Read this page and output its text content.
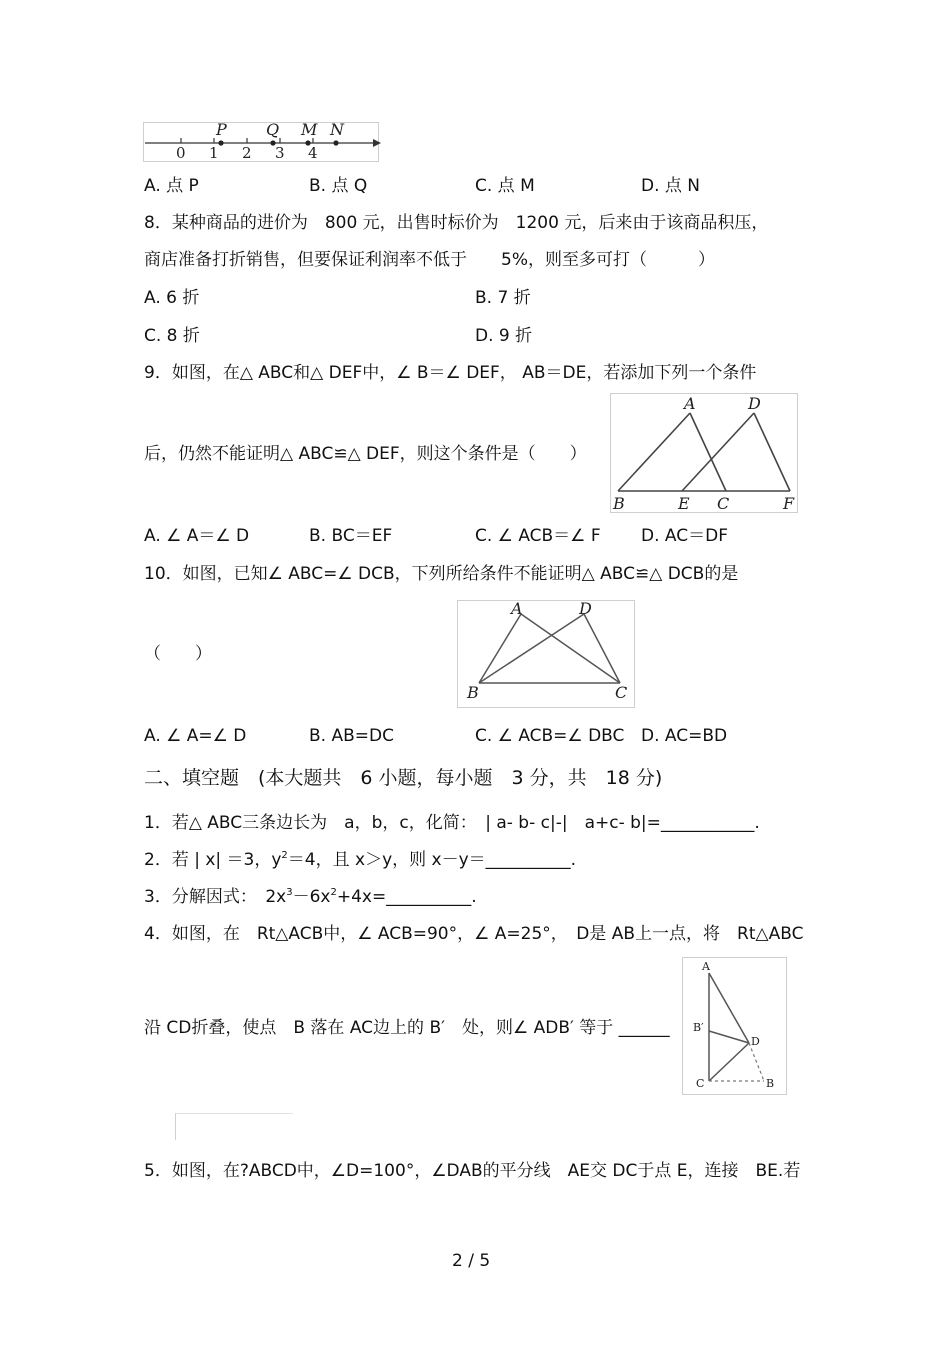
P Q M N
0 1 2 3 4
A. 点 P	B. 点 Q	C. 点 M	D. 点 N
8．某种商品的进价为　800 元，出售时标价为　1200 元，后来由于该商品积压，
商店准备打折销售，但要保证利润率不低于　　5%，则至多可打（　　　）
A. 6 折	B. 7 折
C. 8 折	D. 9 折
9．如图，在△ ABC和△ DEF中，∠ B＝∠ DEF， AB＝DE，若添加下列一个条件
后，仍然不能证明△ ABC≌△ DEF，则这个条件是（　　）
A	D
B	E C	F
A. ∠ A＝∠ D	B. BC＝EF	C. ∠ ACB＝∠ F D. AC＝DF
10．如图，已知∠ ABC=∠ DCB，下列所给条件不能证明△ ABC≌△ DCB的是
（　　）
A	D
B	C
A. ∠ A=∠ D	B. AB=DC	C. ∠ ACB=∠ DBC D. AC=BD
二、填空题　(本大题共　6 小题，每小题　3 分，共　18 分)
1．若△ ABC三条边长为　a，b，c，化简：　| a- b- c|-|　a+c- b|=___________.
2．若 | x| ＝3，$y^2=4$，且 x＞y，则 x－y＝__________.
3．分解因式：　$2x^3-6x^2+4x=\_\_\_\_\_\_\_\_\_\_$.
4．如图，在　Rt△ACB中，∠ ACB=90°，∠ A=25°，　D是 AB上一点，将　Rt△ABC
沿 CD折叠，使点　B 落在 AC边上的 B′　处，则∠ ADB′ 等于 ______
A
B′
D
C	B
5．如图，在?ABCD中，∠D=100°，∠DAB的平分线　AE交 DC于点 E，连接　BE.若
2 / 5
